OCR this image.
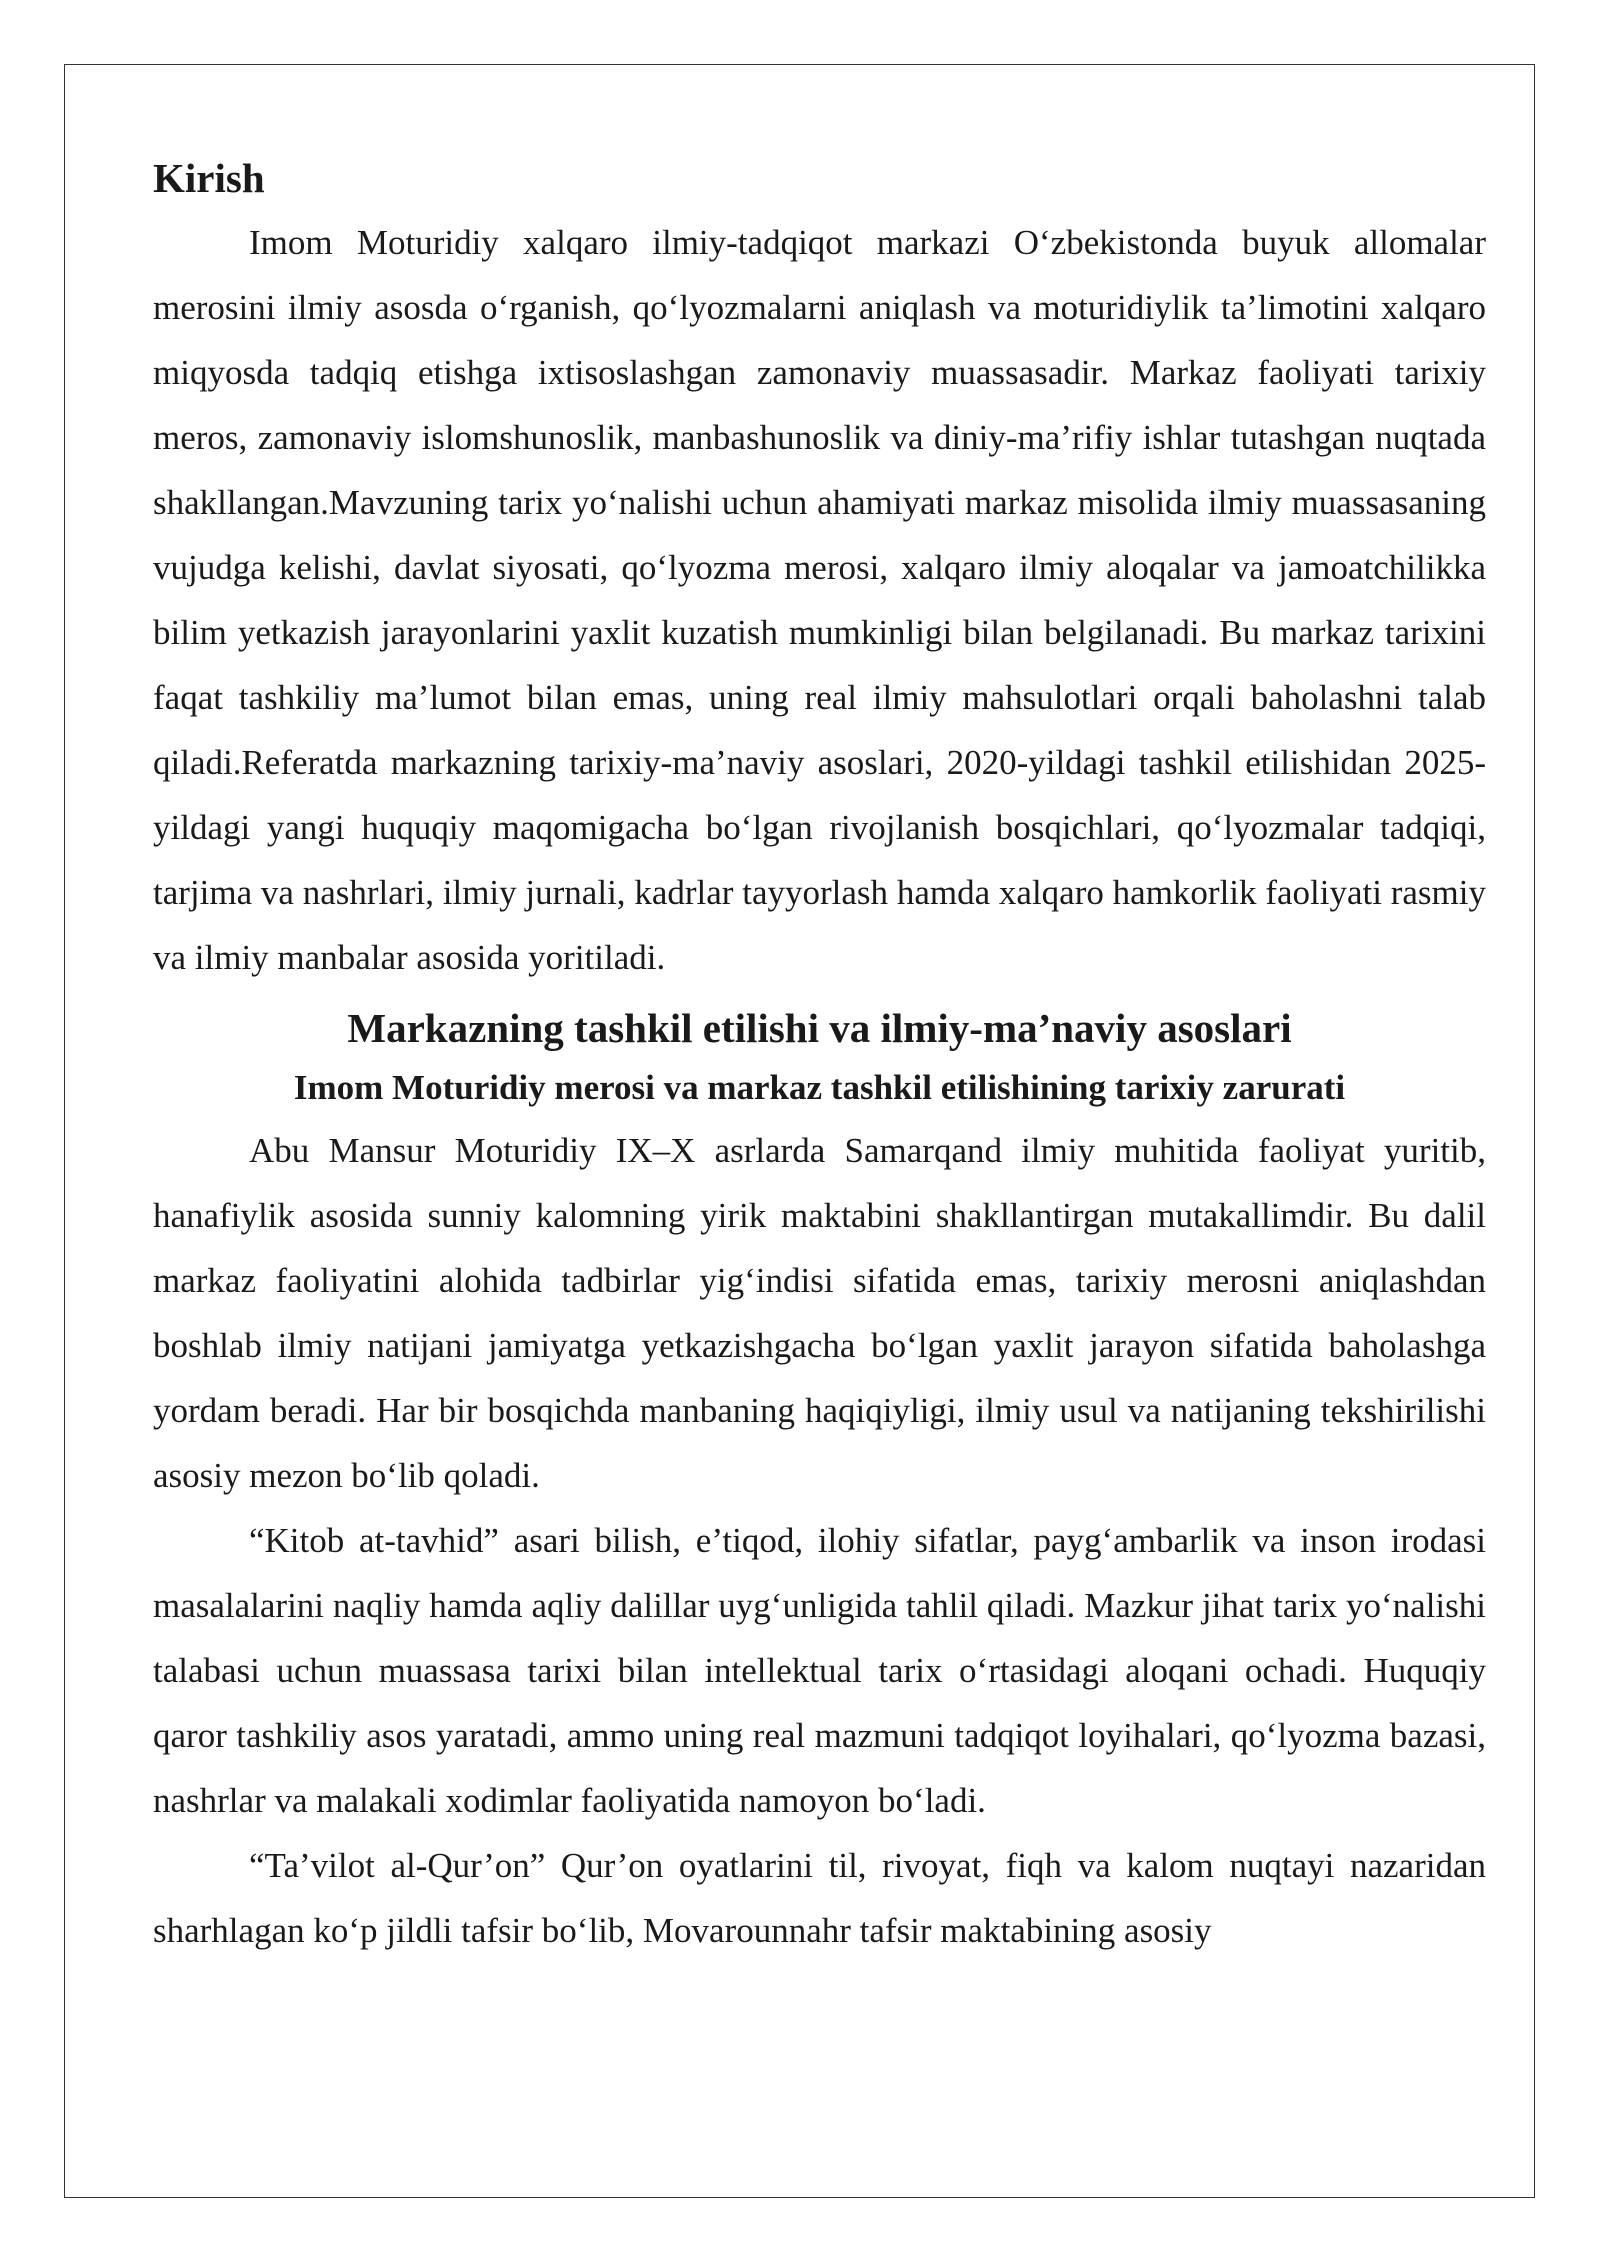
Kirish

Imom Moturidiy xalqaro ilmiy-tadqiqot markazi O‘zbekistonda buyuk allomalar merosini ilmiy asosda o‘rganish, qo‘lyozmalarni aniqlash va moturidiylik ta’limotini xalqaro miqyosda tadqiq etishga ixtisoslashgan zamonaviy muassasadir. Markaz faoliyati tarixiy meros, zamonaviy islomshunoslik, manbashunoslik va diniy-ma’rifiy ishlar tutashgan nuqtada shakllangan.Mavzuning tarix yo‘nalishi uchun ahamiyati markaz misolida ilmiy muassasaning vujudga kelishi, davlat siyosati, qo‘lyozma merosi, xalqaro ilmiy aloqalar va jamoatchilikka bilim yetkazish jarayonlarini yaxlit kuzatish mumkinligi bilan belgilanadi. Bu markaz tarixini faqat tashkiliy ma’lumot bilan emas, uning real ilmiy mahsulotlari orqali baholashni talab qiladi.Referatda markazning tarixiy-ma’naviy asoslari, 2020-yildagi tashkil etilishidan 2025-yildagi yangi huquqiy maqomigacha bo‘lgan rivojlanish bosqichlari, qo‘lyozmalar tadqiqi, tarjima va nashrlari, ilmiy jurnali, kadrlar tayyorlash hamda xalqaro hamkorlik faoliyati rasmiy va ilmiy manbalar asosida yoritiladi.

Markazning tashkil etilishi va ilmiy-ma’naviy asoslari
Imom Moturidiy merosi va markaz tashkil etilishining tarixiy zarurati

Abu Mansur Moturidiy IX–X asrlarda Samarqand ilmiy muhitida faoliyat yuritib, hanafiylik asosida sunniy kalomning yirik maktabini shakllantirgan mutakallimdir. Bu dalil markaz faoliyatini alohida tadbirlar yig‘indisi sifatida emas, tarixiy merosni aniqlashdan boshlab ilmiy natijani jamiyatga yetkazishgacha bo‘lgan yaxlit jarayon sifatida baholashga yordam beradi. Har bir bosqichda manbaning haqiqiyligi, ilmiy usul va natijaning tekshirilishi asosiy mezon bo‘lib qoladi.

“Kitob at-tavhid” asari bilish, e’tiqod, ilohiy sifatlar, payg‘ambarlik va inson irodasi masalalarini naqliy hamda aqliy dalillar uyg‘unligida tahlil qiladi. Mazkur jihat tarix yo‘nalishi talabasi uchun muassasa tarixi bilan intellektual tarix o‘rtasidagi aloqani ochadi. Huquqiy qaror tashkiliy asos yaratadi, ammo uning real mazmuni tadqiqot loyihalari, qo‘lyozma bazasi, nashrlar va malakali xodimlar faoliyatida namoyon bo‘ladi.

“Ta’vilot al-Qur’on” Qur’on oyatlarini til, rivoyat, fiqh va kalom nuqtayi nazaridan sharhlagan ko‘p jildli tafsir bo‘lib, Movarounnahr tafsir maktabining asosiy
